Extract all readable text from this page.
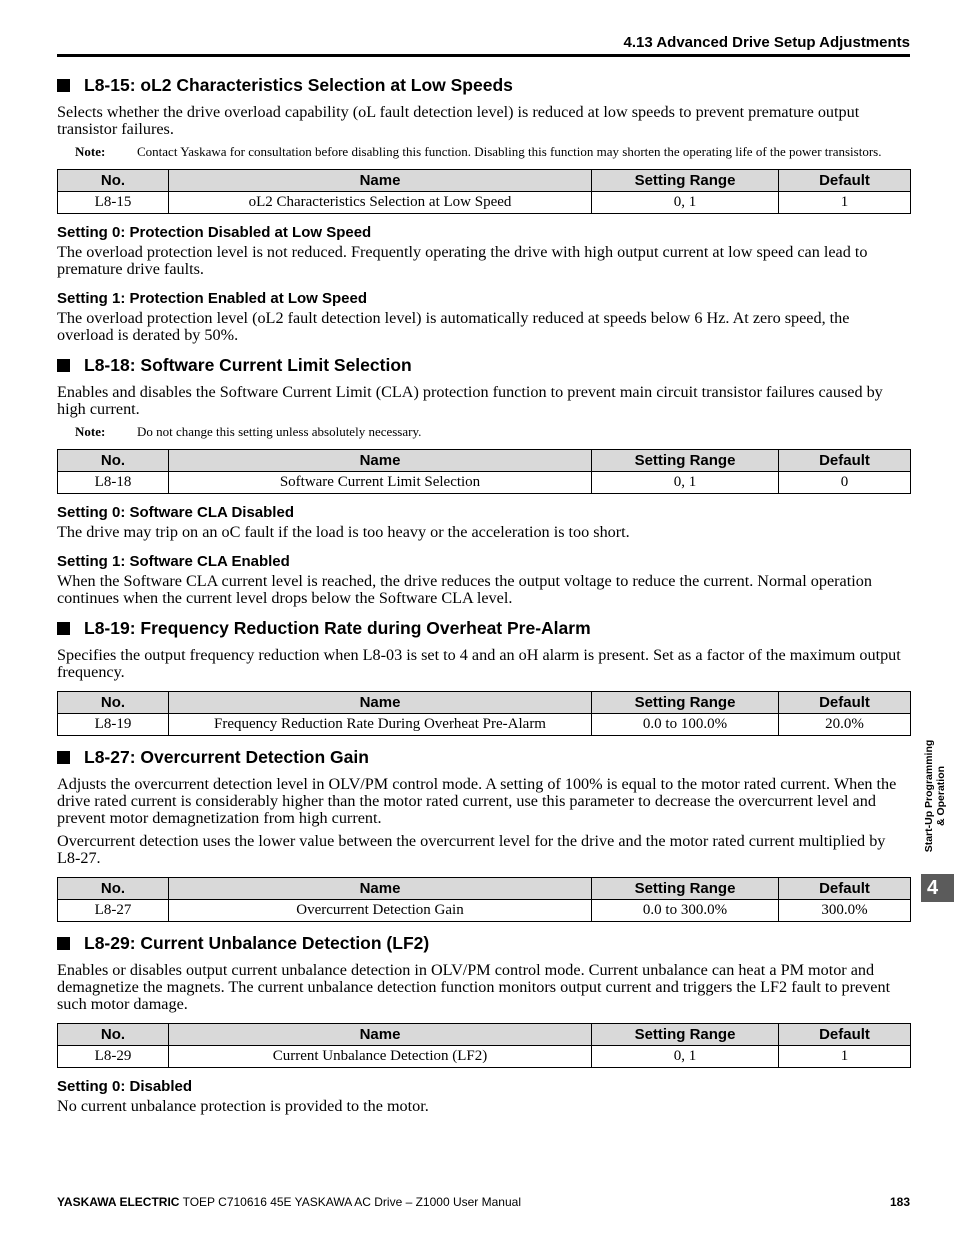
4.13 Advanced Drive Setup Adjustments
L8-15: oL2 Characteristics Selection at Low Speeds

Selects whether the drive overload capability (oL fault detection level) is reduced at low speeds to prevent premature output transistor failures.

Note:	Contact Yaskawa for consultation before disabling this function. Disabling this function may shorten the operating life of the power transistors.
No.	Name	Setting Range	Default
L8-15	oL2 Characteristics Selection at Low Speed	0, 1	1
Setting 0: Protection Disabled at Low Speed

The overload protection level is not reduced. Frequently operating the drive with high output current at low speed can lead to premature drive faults.

Setting 1: Protection Enabled at Low Speed

The overload protection level (oL2 fault detection level) is automatically reduced at speeds below 6 Hz. At zero speed, the overload is derated by 50%.

L8-18: Software Current Limit Selection

Enables and disables the Software Current Limit (CLA) protection function to prevent main circuit transistor failures caused by high current.

Note:	Do not change this setting unless absolutely necessary.
No.	Name	Setting Range	Default
L8-18	Software Current Limit Selection	0, 1	0
Setting 0: Software CLA Disabled

The drive may trip on an oC fault if the load is too heavy or the acceleration is too short.

Setting 1: Software CLA Enabled

When the Software CLA current level is reached, the drive reduces the output voltage to reduce the current. Normal operation continues when the current level drops below the Software CLA level.

L8-19: Frequency Reduction Rate during Overheat Pre-Alarm

Specifies the output frequency reduction when L8-03 is set to 4 and an oH alarm is present. Set as a factor of the maximum output frequency.

No.	Name	Setting Range	Default
L8-19	Frequency Reduction Rate During Overheat Pre-Alarm	0.0 to 100.0%	20.0%
L8-27: Overcurrent Detection Gain

Adjusts the overcurrent detection level in OLV/PM control mode. A setting of 100% is equal to the motor rated current. When the drive rated current is considerably higher than the motor rated current, use this parameter to decrease the overcurrent level and prevent motor demagnetization from high current.

Overcurrent detection uses the lower value between the overcurrent level for the drive and the motor rated current multiplied by L8-27.

No.	Name	Setting Range	Default
L8-27	Overcurrent Detection Gain	0.0 to 300.0%	300.0%
L8-29: Current Unbalance Detection (LF2)

Enables or disables output current unbalance detection in OLV/PM control mode. Current unbalance can heat a PM motor and demagnetize the magnets. The current unbalance detection function monitors output current and triggers the LF2 fault to prevent such motor damage.

No.	Name	Setting Range	Default
L8-29	Current Unbalance Detection (LF2)	0, 1	1
Setting 0: Disabled

No current unbalance protection is provided to the motor.

Start-Up Programming & Operation
4
YASKAWA ELECTRIC TOEP C710616 45E YASKAWA AC Drive – Z1000 User Manual	183
